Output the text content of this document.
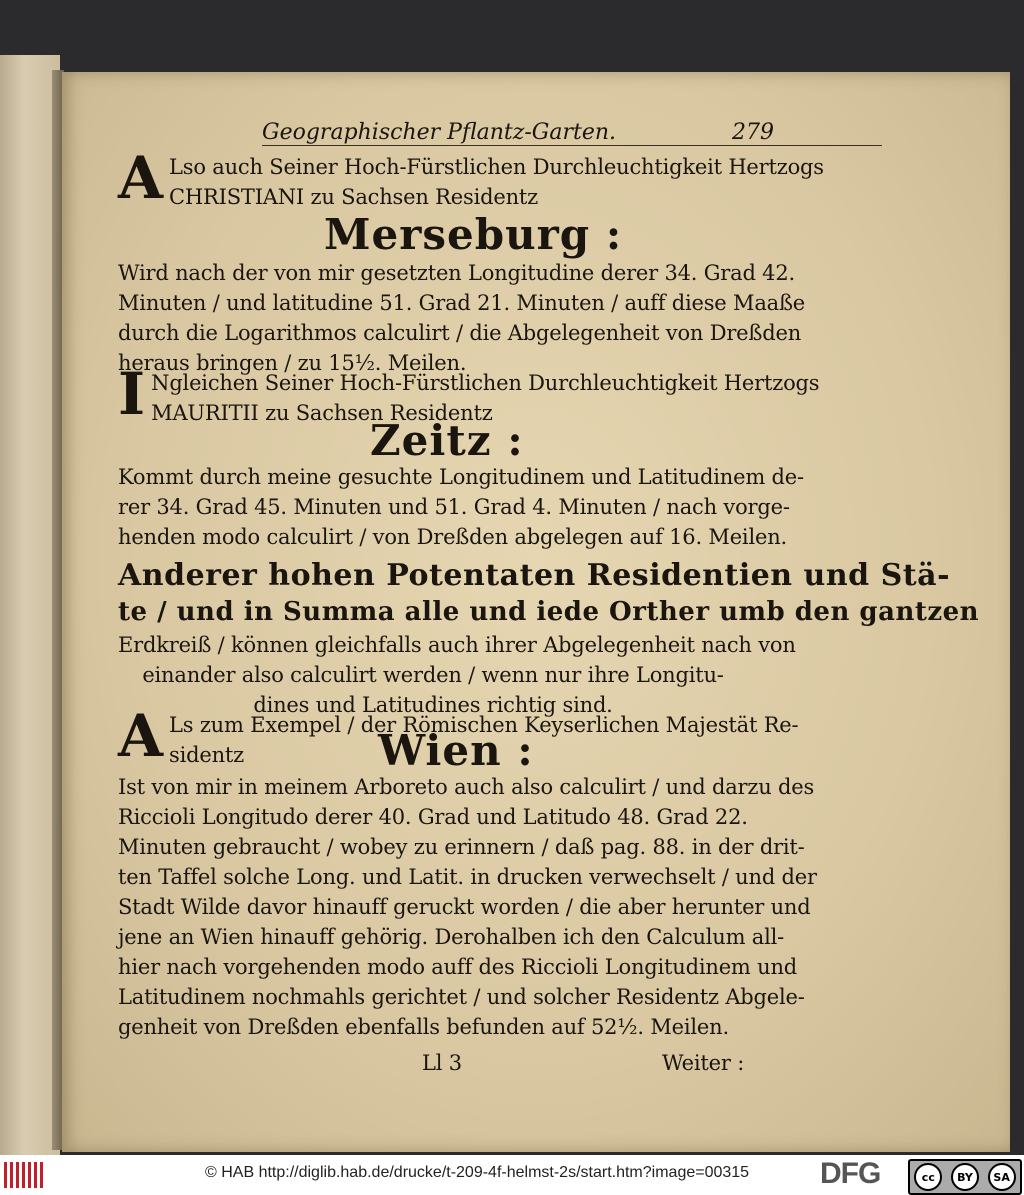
Geographischer Pflantz-Garten.	279
A Lso auch Seiner Hoch-Fürstlichen Durchleuchtigkeit Hertzogs
CHRISTIANI zu Sachsen Residentz
Merseburg :
Wird nach der von mir gesetzten Longitudine derer 34. Grad 42.
Minuten / und latitudine 51. Grad 21. Minuten / auff diese Maaße
durch die Logarithmos calculirt / die Abgelegenheit von Dreßden
heraus bringen / zu 15½. Meilen.
I Ngleichen Seiner Hoch-Fürstlichen Durchleuchtigkeit Hertzogs
MAURITII zu Sachsen Residentz
Zeitz :
Kommt durch meine gesuchte Longitudinem und Latitudinem de-
rer 34. Grad 45. Minuten und 51. Grad 4. Minuten / nach vorge-
henden modo calculirt / von Dreßden abgelegen auf 16. Meilen.
Anderer hohen Potentaten Residentien und Stä-
te / und in Summa alle und iede Orther umb den gantzen
Erdkreiß / können gleichfalls auch ihrer Abgelegenheit nach von
einander also calculirt werden / wenn nur ihre Longitu-
dines und Latitudines richtig sind.
A Ls zum Exempel / der Römischen Keyserlichen Majestät Re-
sidentz	Wien :
Ist von mir in meinem Arboreto auch also calculirt / und darzu des
Riccioli Longitudo derer 40. Grad und Latitudo 48. Grad 22.
Minuten gebraucht / wobey zu erinnern / daß pag. 88. in der drit-
ten Taffel solche Long. und Latit. in drucken verwechselt / und der
Stadt Wilde davor hinauff geruckt worden / die aber herunter und
jene an Wien hinauff gehörig. Derohalben ich den Calculum all-
hier nach vorgehenden modo auff des Riccioli Longitudinem und
Latitudinem nochmahls gerichtet / und solcher Residentz Abgele-
genheit von Dreßden ebenfalls befunden auf 52½. Meilen.
Ll 3	Weiter :
© HAB http://diglib.hab.de/drucke/t-209-4f-helmst-2s/start.htm?image=00315 DFG	cc	BY	SA
